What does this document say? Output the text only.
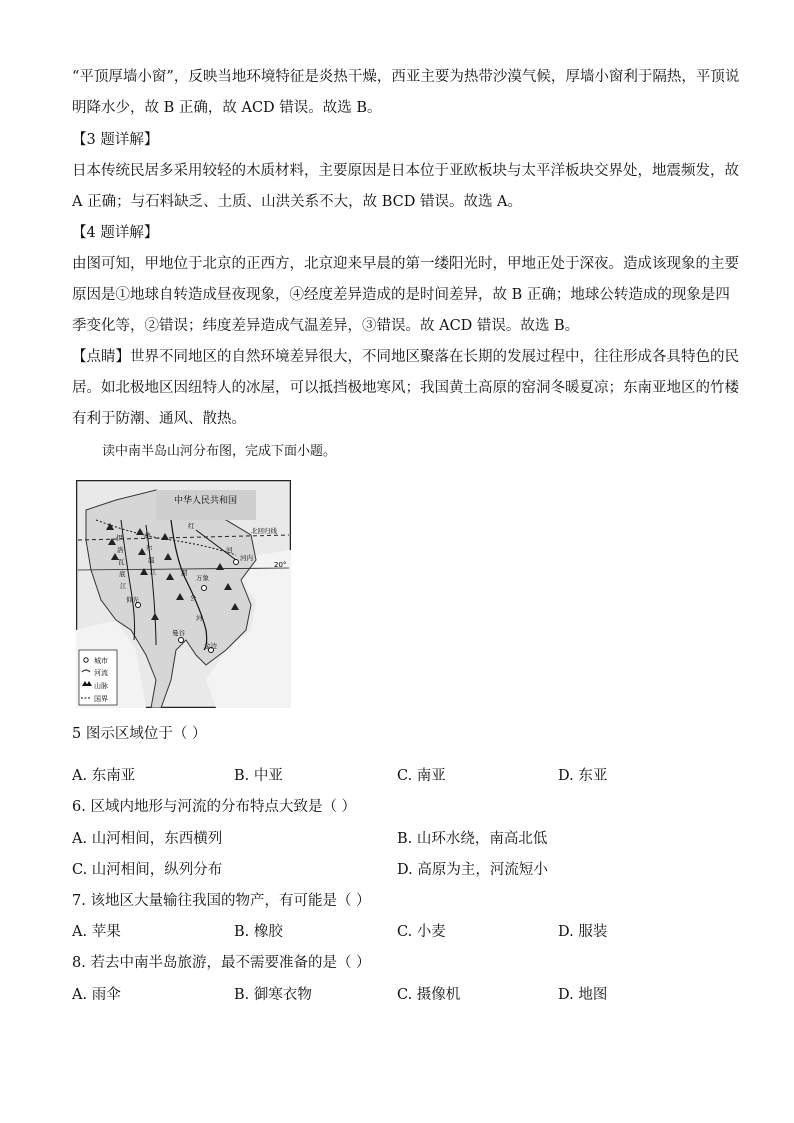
“平顶厚墙小窗”，反映当地环境特征是炎热干燥，西亚主要为热带沙漠气候，厚墙小窗利于隔热，平顶说
明降水少，故 B 正确，故 ACD 错误。故选 B。
【3 题详解】
日本传统民居多采用较轻的木质材料，主要原因是日本位于亚欧板块与太平洋板块交界处，地震频发，故
A 正确；与石料缺乏、土质、山洪关系不大，故 BCD 错误。故选 A。
【4 题详解】
由图可知，甲地位于北京的正西方，北京迎来早晨的第一缕阳光时，甲地正处于深夜。造成该现象的主要
原因是①地球自转造成昼夜现象，④经度差异造成的是时间差异，故 B 正确；地球公转造成的现象是四
季变化等，②错误；纬度差异造成气温差异，③错误。故 ACD 错误。故选 B。
【点睛】世界不同地区的自然环境差异很大，不同地区聚落在长期的发展过程中，往往形成各具特色的民
居。如北极地区因纽特人的冰屋，可以抵挡极地寒风；我国黄土高原的窑洞冬暖夏凉；东南亚地区的竹楼
有利于防潮、通风、散热。
读中南半岛山河分布图，完成下面小题。
中华人民共和国
北回归线
20°
河内
万象
曼谷
金边
仰光
红
河
湄
公
河
萨
尔
温
江
伊
洛
瓦
底
江
城市
河流
山脉
国界
5 图示区域位于（ ）
A. 东南亚	B. 中亚	C. 南亚	D. 东亚
6. 区域内地形与河流的分布特点大致是（ ）
A. 山河相间，东西横列	B. 山环水绕，南高北低
C. 山河相间，纵列分布	D. 高原为主，河流短小
7. 该地区大量输往我国的物产，有可能是（ ）
A. 苹果	B. 橡胶	C. 小麦	D. 服装
8. 若去中南半岛旅游，最不需要准备的是（ ）
A. 雨伞	B. 御寒衣物	C. 摄像机	D. 地图
